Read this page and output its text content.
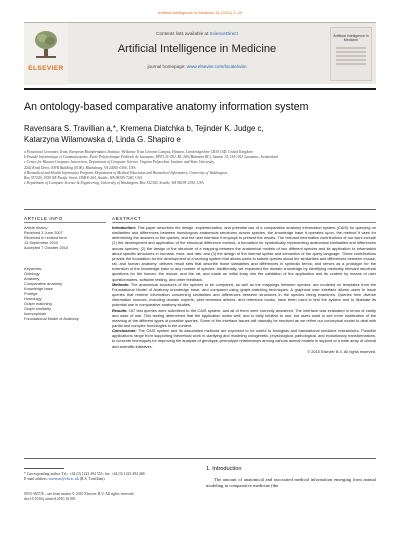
Artificial Intelligence in Medicine 51 (2011) 1–15
ELSEVIER
Contents lists available at ScienceDirect
Artificial Intelligence in Medicine
journal homepage: www.elsevier.com/locate/aiim
Artificial Intelligence in Medicine
An ontology-based comparative anatomy information system
Ravensara S. Travillian a,*, Kremena Diatchka b, Tejinder K. Judge c,
Katarzyna Wilamowska d, Linda G. Shapiro e
a Functional Genomics Team, European Bioinformatics Institute, Wellcome Trust Genome Campus, Hinxton, Cambridgeshire CB10 1SD, United Kingdom
b Faculté Informatique et Communications, École Polytechnique Fédérale de Lausanne, EPFL IC-DO, BC 260 (Bâtiment BC), Station 14, CH-1015 Lausanne, Switzerland
c Center for Human-Computer Interaction, Department of Computer Science, Virginia Polytechnic Institute and State University,
2202 Kraft Drive, KWII Building (0106), Blacksburg, VA 24061-0106, USA
d Biomedical and Health Informatics Program, Department of Medical Education and Biomedical Informatics, University of Washington,
Box 357240, 1959 NE Pacific Street, HSB E-264, Seattle, WA 98195-7240, USA
e Department of Computer Science & Engineering, University of Washington, Box 352350, Seattle, WA 98195-2350, USA
ARTICLE INFO
Article history:
Received 3 June 2007
Received in revised form
13 September 2010
Accepted 7 October 2010
Keywords:
Ontology
Anatomy
Comparative anatomy
Knowledge base
Protégé
Homology
Graph matching
Graph similarity
Isomorphism
Foundational Model of Anatomy
ABSTRACT

Introduction: This paper describes the design, implementation, and potential use of a comparative anatomy information system (CAIS) for querying on similarities and differences between homologous anatomical structures across species, the knowledge base it operates upon, the method it uses for determining the answers to the queries, and the user interface it employs to present the results. The relevant informatics contributions of our work include (1) the development and application of the structural difference method, a formalism for symbolically representing anatomical similarities and differences across species; (2) the design of the structure of a mapping between the anatomical models of two different species and its application to information about specific structures in humans, mice, and rats; and (3) the design of the internal syntax and semantics of the query language. These contributions provide the foundation for the development of a working system that allows users to submit queries about the similarities and differences between mouse, rat, and human anatomy; delivers result sets that describe those similarities and differences in symbolic terms; and serves as a prototype for the extension of the knowledge base to any number of species. Additionally, we expanded the domain knowledge by identifying medically relevant structural questions for the human, the mouse, and the rat, and made an initial foray into the validation of the application and its content by means of user questionnaires, software testing, and other feedback.

Methods: The anatomical structures of the species to be compared, as well as the mappings between species, are modeled on templates from the Foundational Model of Anatomy knowledge base, and compared using graph-matching techniques. A graphical user interface allows users to issue queries that retrieve information concerning similarities and differences between structures in the species being examined. Queries from diverse information sources, including domain experts, peer-reviewed articles, and reference books, have been used to test the system and to illustrate its potential use in comparative anatomy studies.

Results: 157 test queries were submitted to the CAIS system, and all of them were correctly answered. The interface was evaluated in terms of clarity and ease of use. This testing determined that the application works well, and is fairly intuitive to use, but users want to see more clarification of the meaning of the different types of possible queries. Some of the interface issues will naturally be resolved as we refine our conceptual model to deal with partial and complex homologies in the content.

Conclusions: The CAIS system and its associated methods are expected to be useful to biologists and translational medicine researchers. Possible applications range from supporting theoretical work in clarifying and modeling ontogenetic, physiological, pathological, and evolutionary transformations, to concrete techniques for improving the analysis of genotype–phenotype relationships among various animal models in support of a wide array of clinical and scientific initiatives.

© 2010 Elsevier B.V. All rights reserved.

* Corresponding author. Tel.: +44 (0) 1223 494 553; fax: +44 (0) 1223 494 468.
E-mail address: ravensar@ebi.ac.uk (R.S. Travillian).
0933-3657/$ – see front matter © 2010 Elsevier B.V. All rights reserved.
doi:10.1016/j.artmed.2010.10.001
1. Introduction

The amount of anatomical and associated medical information emerging from animal modeling in comparative medicine (the
